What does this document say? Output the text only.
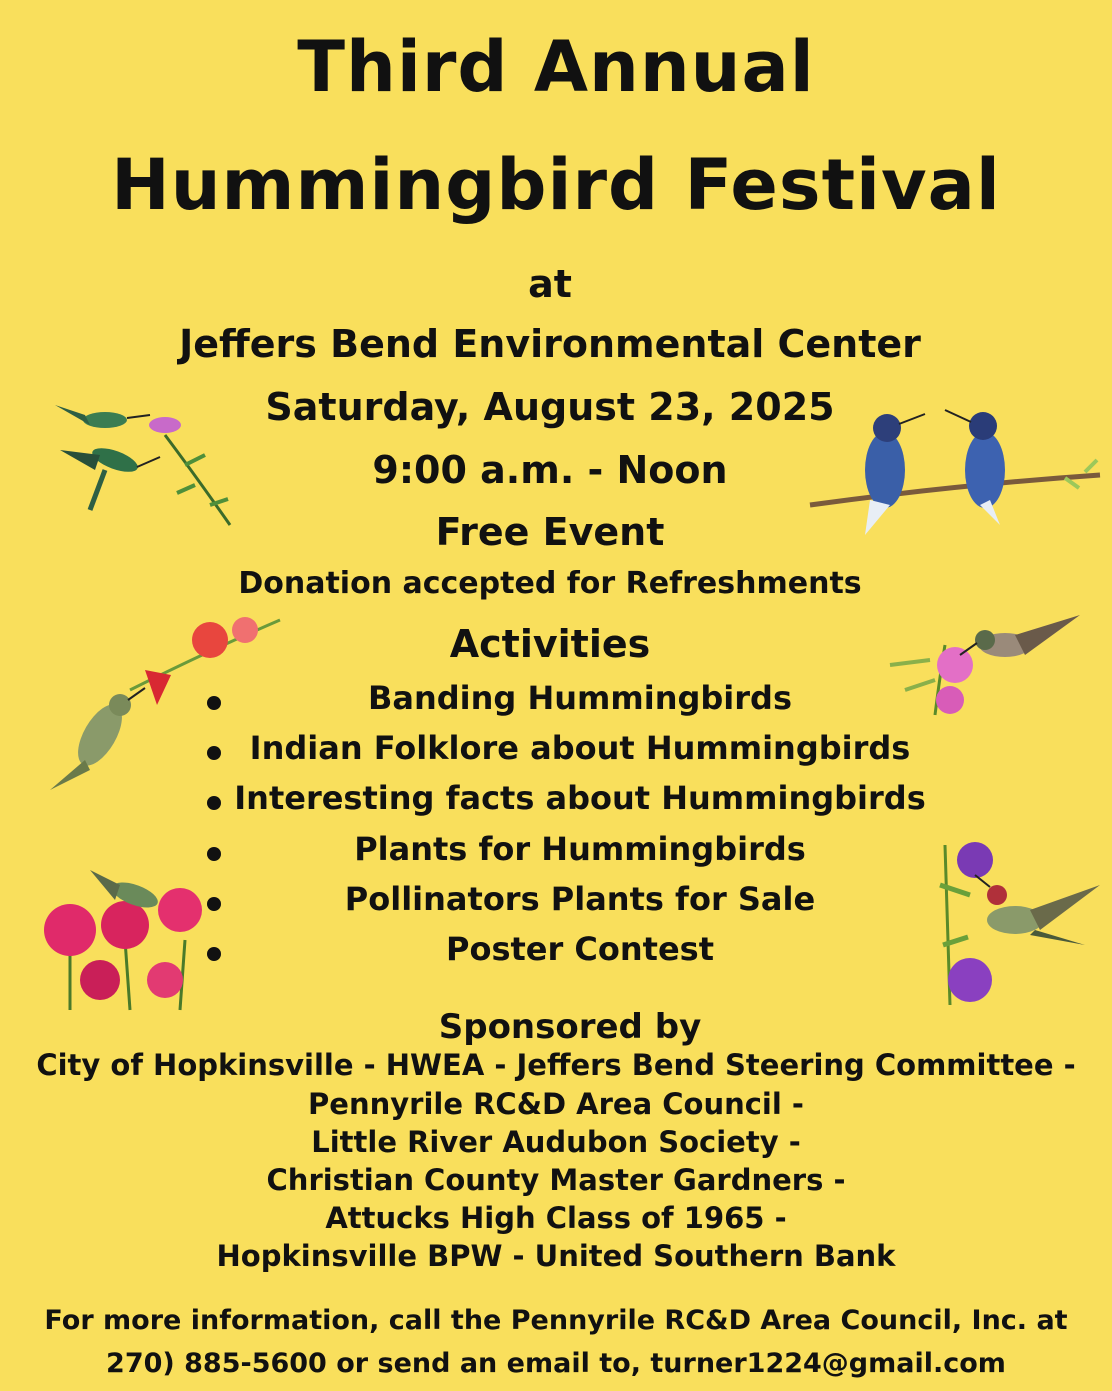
Third Annual
Hummingbird Festival
at
Jeffers Bend Environmental Center
Saturday, August 23, 2025
9:00 a.m. - Noon
Free Event
Donation accepted for Refreshments
Activities
Banding Hummingbirds
Indian Folklore about Hummingbirds
Interesting facts about Hummingbirds
Plants for Hummingbirds
Pollinators Plants for Sale
Poster Contest
Sponsored by
City of Hopkinsville - HWEA - Jeffers Bend Steering Committee -
Pennyrile RC&D Area Council -
Little River Audubon Society -
Christian County Master Gardners -
Attucks High Class of 1965 -
Hopkinsville BPW - United Southern Bank
For more information, call the Pennyrile RC&D Area Council, Inc. at
270) 885-5600 or send an email to, turner1224@gmail.com
